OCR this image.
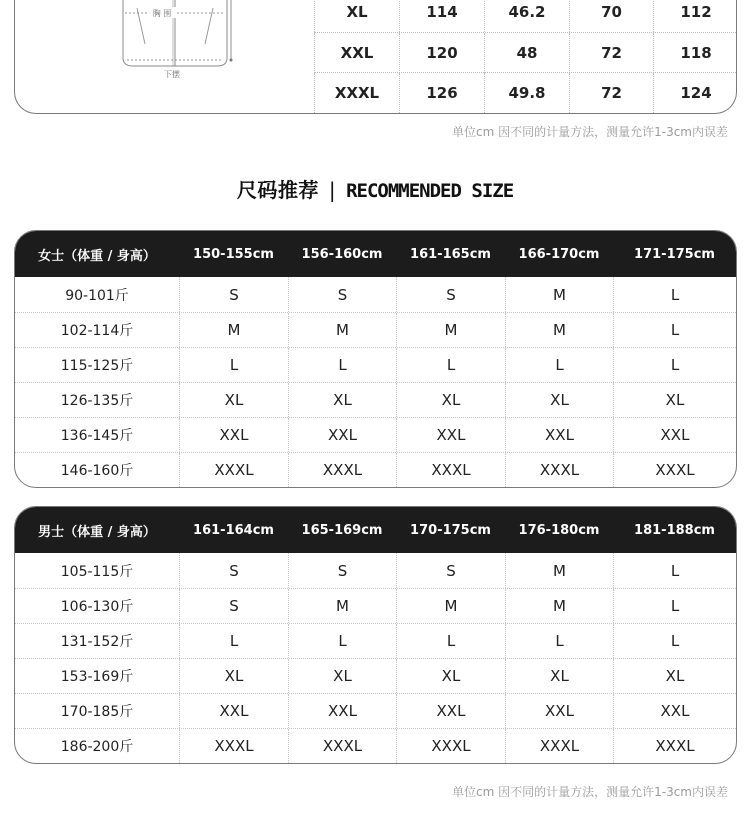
胸 围
下摆
XL	114	46.2	70	112
XXL	120	48	72	118
XXXL	126	49.8	72	124
单位cm 因不同的计量方法，测量允许1-3cm内误差
尺码推荐 | RECOMMENDED SIZE
女士（体重 / 身高）	150-155cm	156-160cm	161-165cm	166-170cm	171-175cm
90-101斤	S	S	S	M	L
102-114斤	M	M	M	M	L
115-125斤	L	L	L	L	L
126-135斤	XL	XL	XL	XL	XL
136-145斤	XXL	XXL	XXL	XXL	XXL
146-160斤	XXXL	XXXL	XXXL	XXXL	XXXL
男士（体重 / 身高）	161-164cm	165-169cm	170-175cm	176-180cm	181-188cm
105-115斤	S	S	S	M	L
106-130斤	S	M	M	M	L
131-152斤	L	L	L	L	L
153-169斤	XL	XL	XL	XL	XL
170-185斤	XXL	XXL	XXL	XXL	XXL
186-200斤	XXXL	XXXL	XXXL	XXXL	XXXL
单位cm 因不同的计量方法，测量允许1-3cm内误差
